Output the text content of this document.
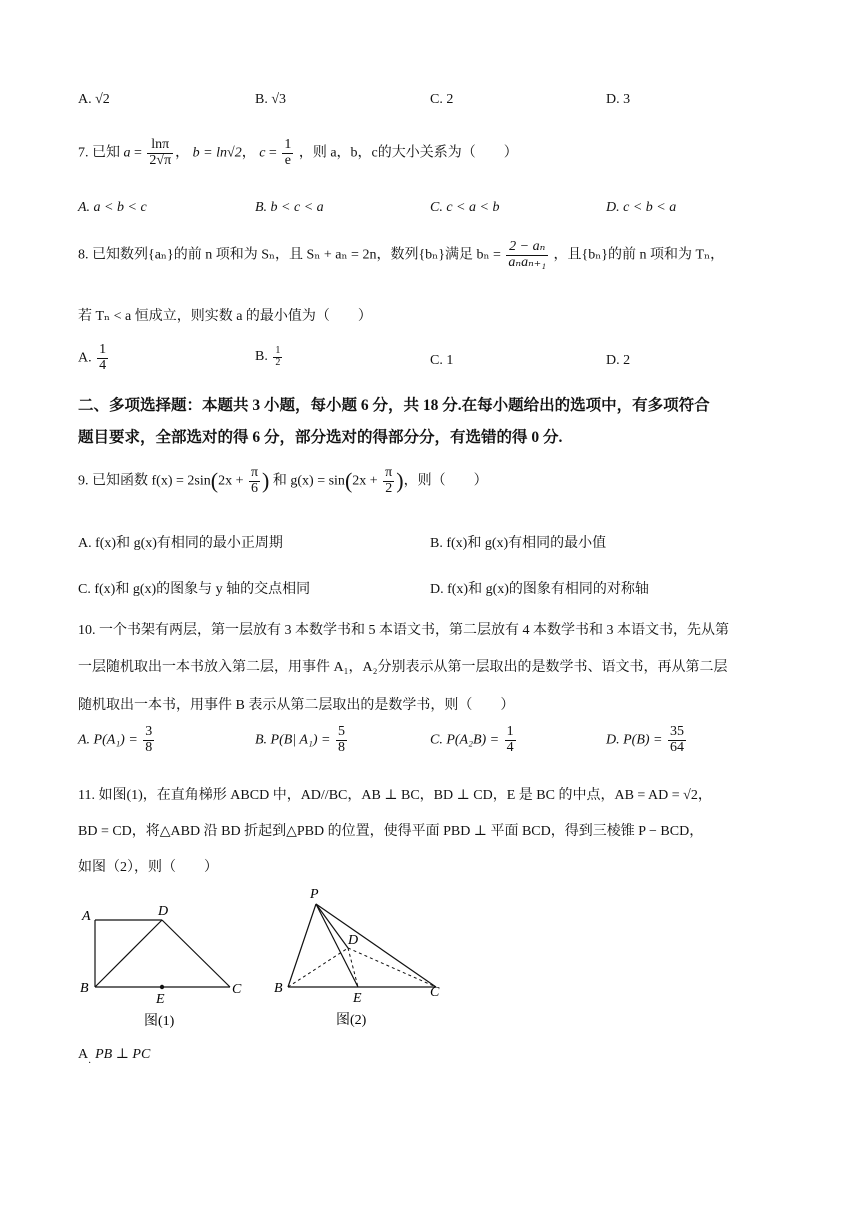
A. √2	B. √3	C. 2	D. 3
7. 已知 $a = \frac{\ln\pi}{2√\pi}$ ， b = ln√2， $c = \frac{1}{e}$ ，则 a，b，c的大小关系为（　　）
A. a < b < c	B. b < c < a	C. c < a < b	D. c < b < a
8. 已知数列{aₙ}的前 n 项和为 Sₙ，且 Sₙ + aₙ = 2n，数列{bₙ}满足 $b_n = \frac{\text{2 − aₙ}}{\text{aₙaₙ₊₁}}$ ，且{bₙ}的前 n 项和为 Tₙ，
若 Tₙ < a 恒成立，则实数 a 的最小值为（　　）
A. $\frac{1}{4}$	B. $\frac{1}{2}$	C. 1	D. 2
二、多项选择题：本题共 3 小题，每小题 6 分，共 18 分.在每小题给出的选项中，有多项符合
题目要求，全部选对的得 6 分，部分选对的得部分分，有选错的得 0 分.
9. 已知函数 $f(x) = 2\sin(2x + \frac{\pi}{6}$ ) 和 $g(x) = \sin(2x + \frac{\pi}{2}$ )，则（　　）
A. f(x)和 g(x)有相同的最小正周期	B. f(x)和 g(x)有相同的最小值
C. f(x)和 g(x)的图象与 y 轴的交点相同	D. f(x)和 g(x)的图象有相同的对称轴
10. 一个书架有两层，第一层放有 3 本数学书和 5 本语文书，第二层放有 4 本数学书和 3 本语文书，先从第
一层随机取出一本书放入第二层，用事件 A₁，A₂分别表示从第一层取出的是数学书、语文书，再从第二层
随机取出一本书，用事件 B 表示从第二层取出的是数学书，则（　　）
A. $P(A_1) = \frac{3}{8}$	B. P(B| $A_1) = \frac{5}{8}$	C. $P(A_2B) = \frac{1}{4}$	D. $P(B) = \frac{35}{64}$
11. 如图(1)，在直角梯形 ABCD 中，AD//BC，AB ⊥ BC，BD ⊥ CD，E 是 BC 的中点，AB = AD = √2，
BD = CD，将△ABD 沿 BD 折起到△PBD 的位置，使得平面 PBD ⊥ 平面 BCD，得到三棱锥 P − BCD，
如图（2），则（　　）
A	D
B
E
C
图(1)
P
D
B
E	C
图(2)
A PB ⊥ PC
·
